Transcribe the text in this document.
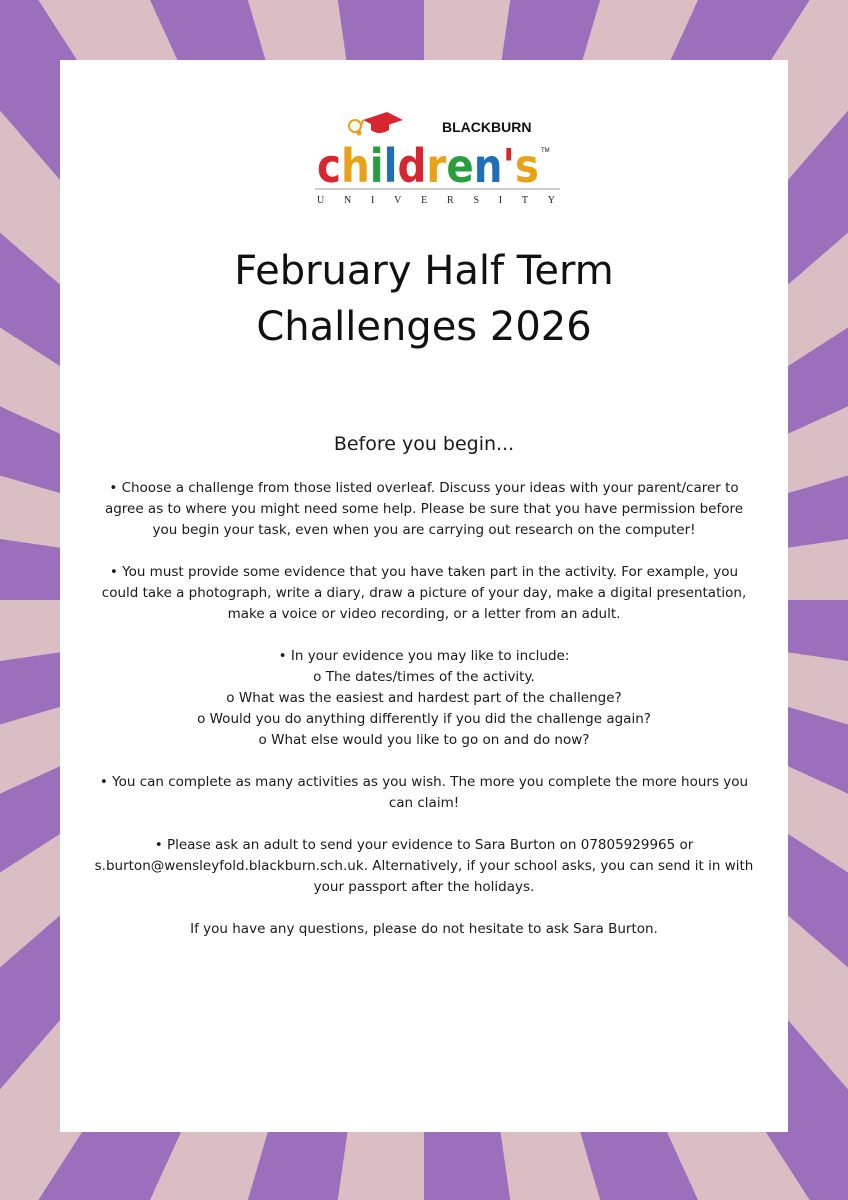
BLACKBURN
TM
children's
UNIVERSITY
February Half Term
Challenges 2026

Before you begin...

• Choose a challenge from those listed overleaf. Discuss your ideas with your parent/carer to
agree as to where you might need some help. Please be sure that you have permission before
you begin your task, even when you are carrying out research on the computer!

• You must provide some evidence that you have taken part in the activity. For example, you
could take a photograph, write a diary, draw a picture of your day, make a digital presentation,
make a voice or video recording, or a letter from an adult.

• In your evidence you may like to include:
o The dates/times of the activity.
o What was the easiest and hardest part of the challenge?
o Would you do anything differently if you did the challenge again?
o What else would you like to go on and do now?

• You can complete as many activities as you wish. The more you complete the more hours you
can claim!

• Please ask an adult to send your evidence to Sara Burton on 07805929965 or
s.burton@wensleyfold.blackburn.sch.uk. Alternatively, if your school asks, you can send it in with
your passport after the holidays.

If you have any questions, please do not hesitate to ask Sara Burton.
